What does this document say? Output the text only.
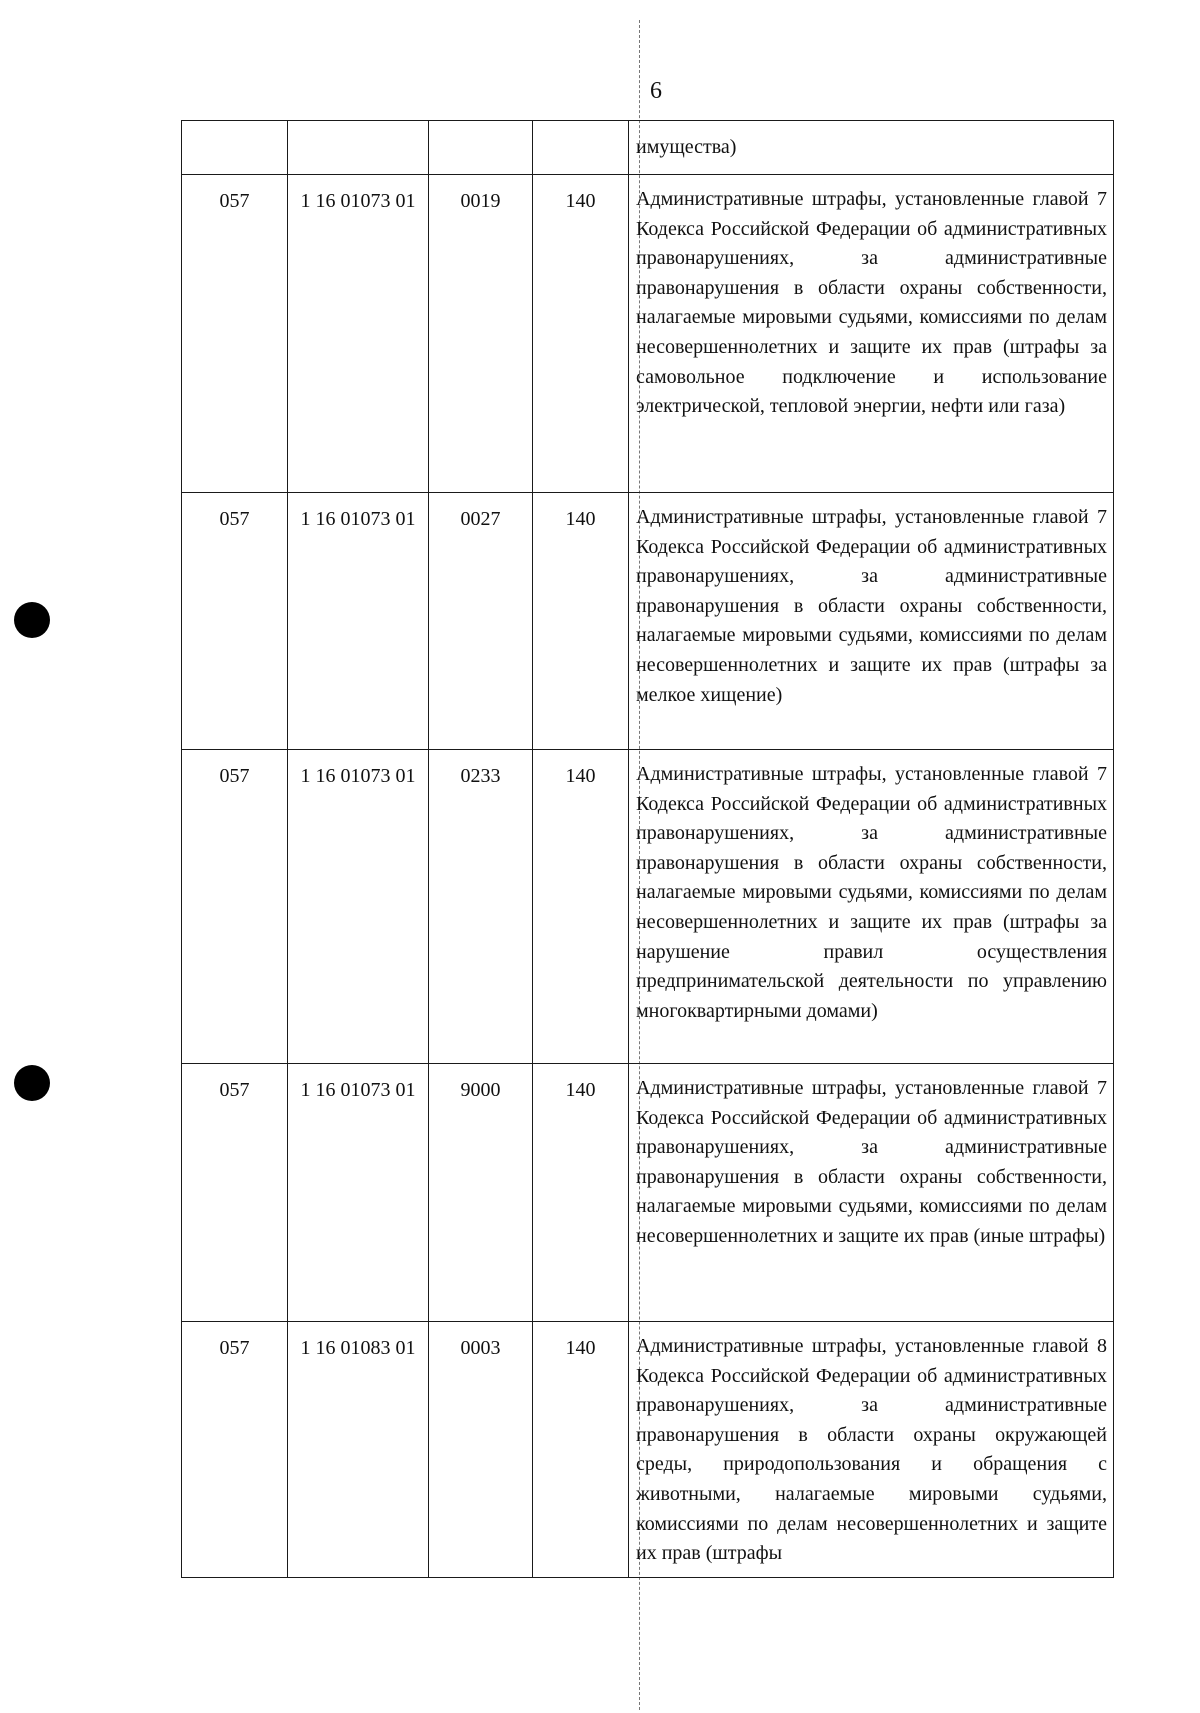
6
				имущества)
057	1 16 01073 01	0019	140	Административные штрафы, установленные главой 7 Кодекса Российской Федерации об административных правонарушениях, за административные правонарушения в области охраны собственности, налагаемые мировыми судьями, комиссиями по делам несовершеннолетних и защите их прав (штрафы за самовольное подключение и использование электрической, тепловой энергии, нефти или газа)
057	1 16 01073 01	0027	140	Административные штрафы, установленные главой 7 Кодекса Российской Федерации об административных правонарушениях, за административные правонарушения в области охраны собственности, налагаемые мировыми судьями, комиссиями по делам несовершеннолетних и защите их прав (штрафы за мелкое хищение)
057	1 16 01073 01	0233	140	Административные штрафы, установленные главой 7 Кодекса Российской Федерации об административных правонарушениях, за административные правонарушения в области охраны собственности, налагаемые мировыми судьями, комиссиями по делам несовершеннолетних и защите их прав (штрафы за нарушение правил осуществления предпринимательской деятельности по управлению многоквартирными домами)
057	1 16 01073 01	9000	140	Административные штрафы, установленные главой 7 Кодекса Российской Федерации об административных правонарушениях, за административные правонарушения в области охраны собственности, налагаемые мировыми судьями, комиссиями по делам несовершеннолетних и защите их прав (иные штрафы)
057	1 16 01083 01	0003	140	Административные штрафы, установленные главой 8 Кодекса Российской Федерации об административных правонарушениях, за административные правонарушения в области охраны окружающей среды, природопользования и обращения с животными, налагаемые мировыми судьями, комиссиями по делам несовершеннолетних и защите их прав (штрафы
